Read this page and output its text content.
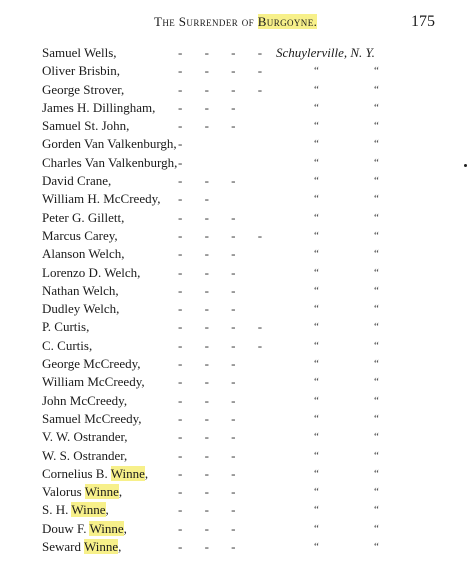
The Surrender of Burgoyne.	175
Samuel Wells,	-     -     -     - Schuylerville, N. Y.
Oliver Brisbin,	-     -     -     -	“	“
George Strover,	-     -     -     -	“	“
James H. Dillingham, -     -     -	“	“
Samuel St. John,	-     -     -	“	“
Gorden Van Valkenburgh, -	“	“
Charles Van Valkenburgh, -	“	“
David Crane,	-     -     -	“	“
William H. McCreedy, -     -	“	“
Peter G. Gillett,	-     -     -	“	“
Marcus Carey,	-     -     -     -	“	“
Alanson Welch,	-     -     -	“	“
Lorenzo D. Welch,	-     -     -	“	“
Nathan Welch,	-     -     -	“	“
Dudley Welch,	-     -     -	“	“
P. Curtis,	-     -     -     -	“	“
C. Curtis,	-     -     -     -	“	“
George McCreedy,	-     -     -	“	“
William McCreedy,	-     -     -	“	“
John McCreedy,	-     -     -	“	“
Samuel McCreedy,	-     -     -	“	“
V. W. Ostrander,	-     -     -	“	“
W. S. Ostrander,	-     -     -	“	“
Cornelius B. Winne, -     -     -	“	“
Valorus Winne,	-     -     -	“	“
S. H. Winne,	-     -     -	“	“
Douw F. Winne,	-     -     -	“	“
Seward Winne,	-     -     -	“	“
